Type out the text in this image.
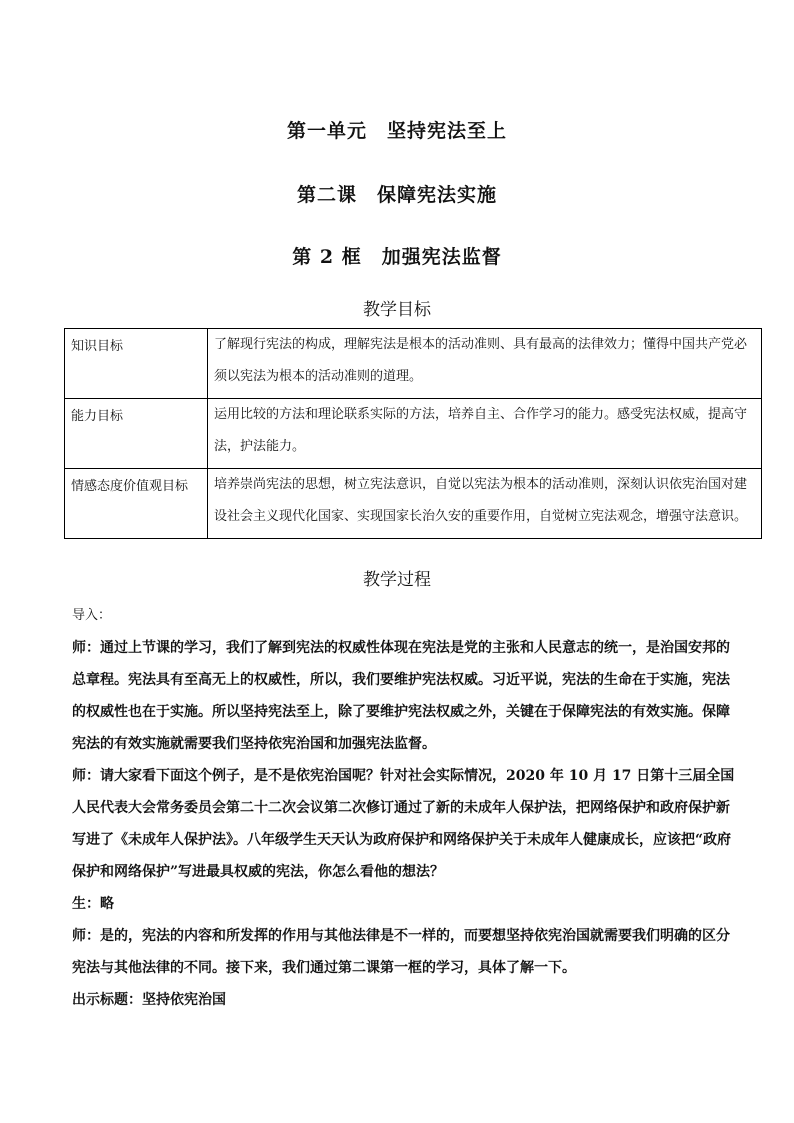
第一单元　坚持宪法至上
第二课　保障宪法实施
第 2 框　加强宪法监督
教学目标
知识目标	了解现行宪法的构成，理解宪法是根本的活动准则、具有最高的法律效力；懂得中国共产党必须以宪法为根本的活动准则的道理。
能力目标	运用比较的方法和理论联系实际的方法，培养自主、合作学习的能力。感受宪法权威，提高守法，护法能力。
情感态度价值观目标	培养崇尚宪法的思想，树立宪法意识，自觉以宪法为根本的活动准则，深刻认识依宪治国对建设社会主义现代化国家、实现国家长治久安的重要作用，自觉树立宪法观念，增强守法意识。
教学过程

导入：

师：通过上节课的学习，我们了解到宪法的权威性体现在宪法是党的主张和人民意志的统一，是治国安邦的总章程。宪法具有至高无上的权威性，所以，我们要维护宪法权威。习近平说，宪法的生命在于实施，宪法的权威性也在于实施。所以坚持宪法至上，除了要维护宪法权威之外，关键在于保障宪法的有效实施。保障宪法的有效实施就需要我们坚持依宪治国和加强宪法监督。

师：请大家看下面这个例子，是不是依宪治国呢？针对社会实际情况，2020 年 10 月 17 日第十三届全国人民代表大会常务委员会第二十二次会议第二次修订通过了新的未成年人保护法，把网络保护和政府保护新写进了《未成年人保护法》。八年级学生天天认为政府保护和网络保护关于未成年人健康成长，应该把“政府保护和网络保护”写进最具权威的宪法，你怎么看他的想法？

生：略

师：是的，宪法的内容和所发挥的作用与其他法律是不一样的，而要想坚持依宪治国就需要我们明确的区分宪法与其他法律的不同。接下来，我们通过第二课第一框的学习，具体了解一下。

出示标题：坚持依宪治国
